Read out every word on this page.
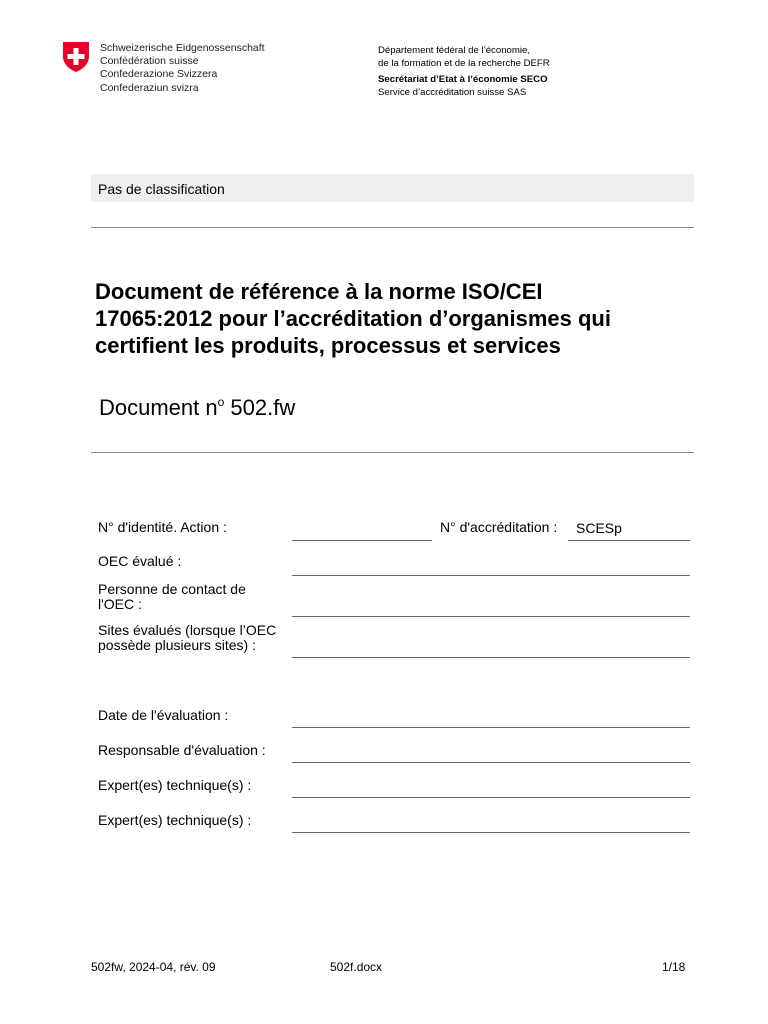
Schweizerische Eidgenossenschaft
Confédération suisse
Confederazione Svizzera
Confederaziun svizra
Département fédéral de l’économie,
de la formation et de la recherche DEFR
Secrétariat d’Etat à l’économie SECO
Service d’accréditation suisse SAS
Pas de classification
Document de référence à la norme ISO/CEI 17065:2012 pour l’accréditation d’organismes qui certifient les produits, processus et services
Document $n^o$ 502.fw
N° d'identité. Action :	N° d'accréditation : SCESp
OEC évalué :
Personne de contact de l'OEC :
Sites évalués (lorsque l’OEC possède plusieurs sites) :
Date de l'évaluation :
Responsable d'évaluation :
Expert(es) technique(s) :
Expert(es) technique(s) :
502fw, 2024-04, rév. 09	502f.docx	1/18
